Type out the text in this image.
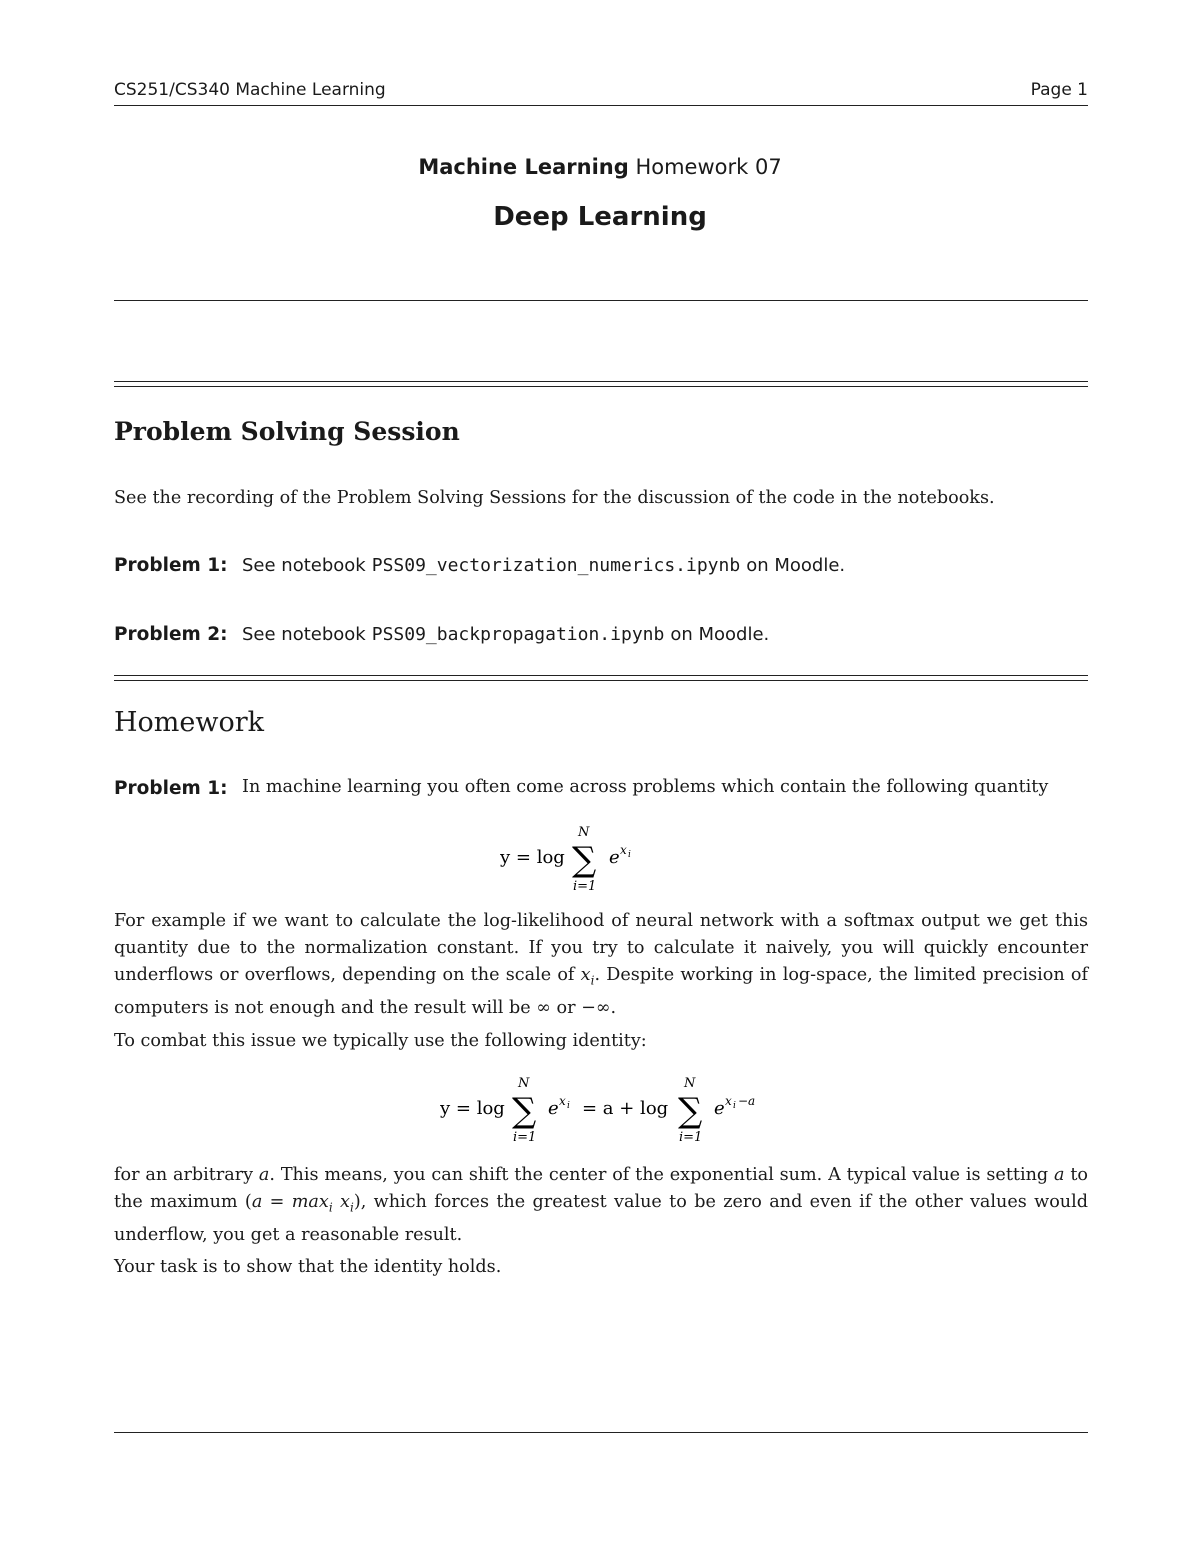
CS251/CS340 Machine Learning	Page 1
Machine Learning Homework 07
Deep Learning
Problem Solving Session
See the recording of the Problem Solving Sessions for the discussion of the code in the notebooks.
Problem 1: See notebook PSS09_vectorization_numerics.ipynb on Moodle.
Problem 2: See notebook PSS09_backpropagation.ipynb on Moodle.
Homework
Problem 1: In machine learning you often come across problems which contain the following quantity
y = log
N
∑
i=1
e x i
For example if we want to calculate the log-likelihood of neural network with a softmax output we get this quantity due to the normalization constant. If you try to calculate it naively, you will quickly encounter underflows or overflows, depending on the scale of $x_i$. Despite working in log-space, the limited precision of computers is not enough and the result will be ∞ or −∞.
To combat this issue we typically use the following identity:
y = log
N
∑
i=1
e x i = a + log
N
∑
i=1
e x i −a
for an arbitrary a. This means, you can shift the center of the exponential sum. A typical value is setting a to the maximum $(a = \max_i x_i)$, which forces the greatest value to be zero and even if the other values would underflow, you get a reasonable result.
Your task is to show that the identity holds.
